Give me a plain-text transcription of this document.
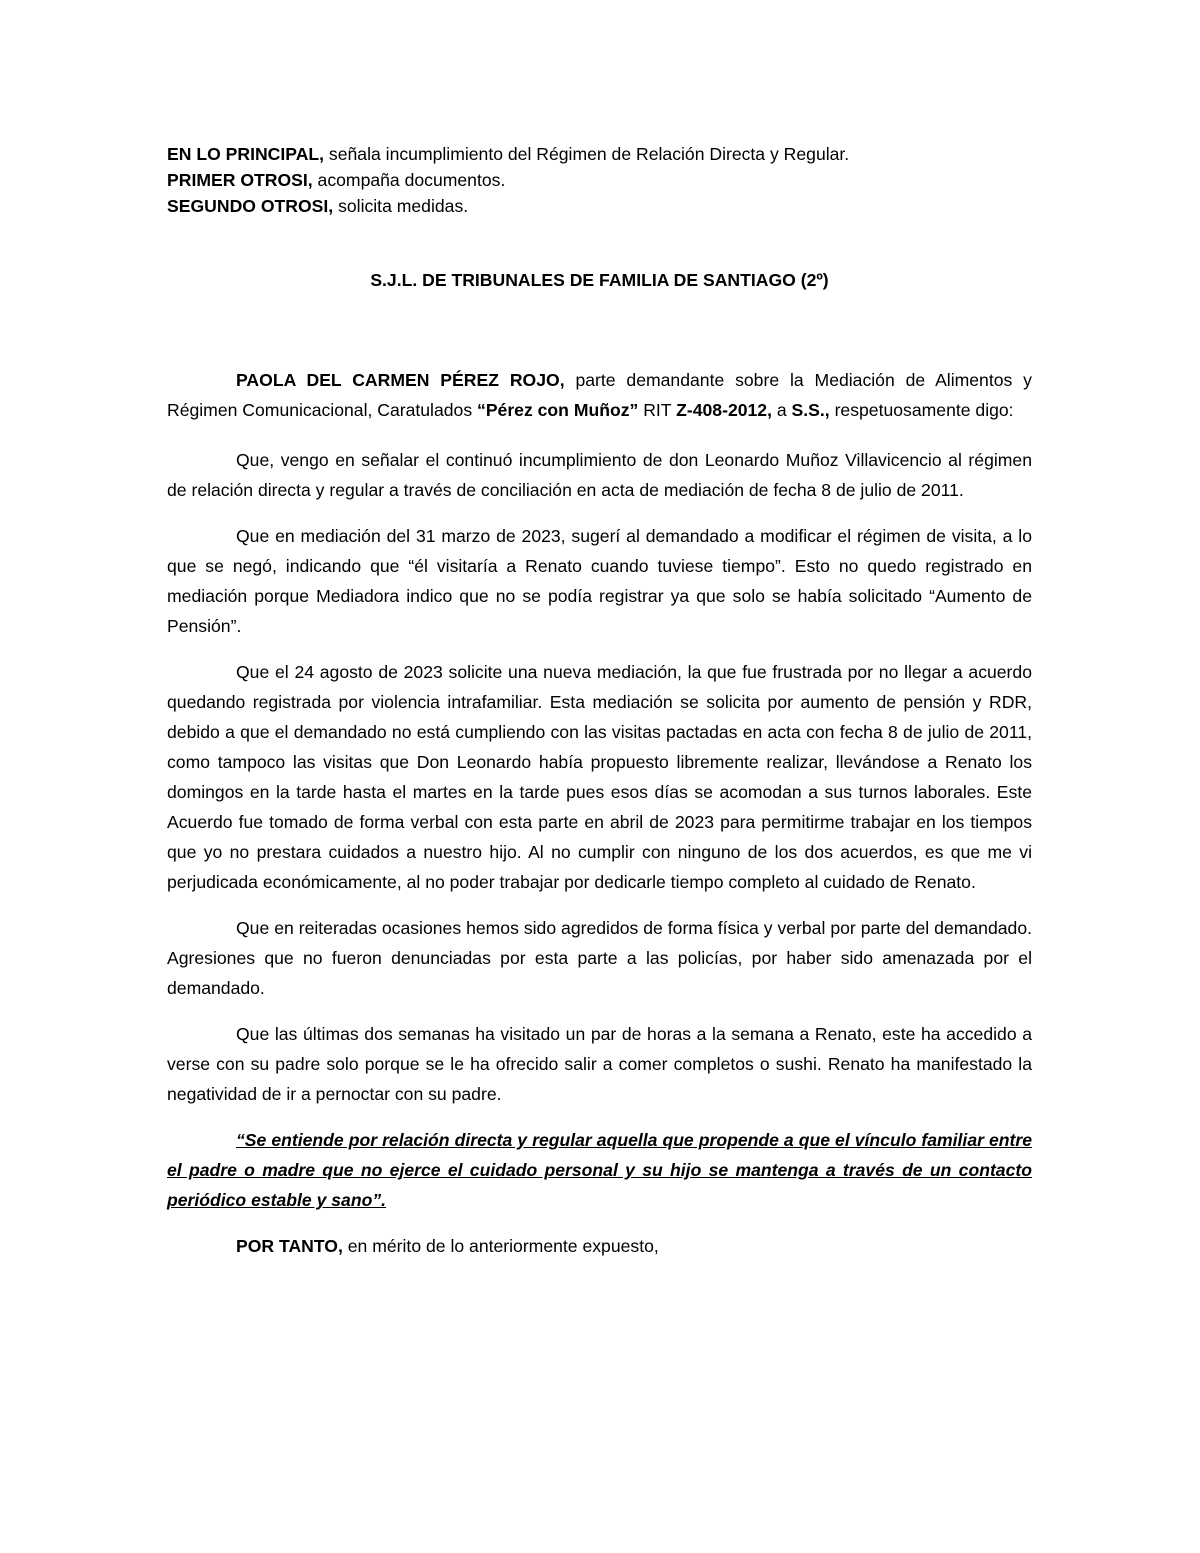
EN LO PRINCIPAL, señala incumplimiento del Régimen de Relación Directa y Regular.

PRIMER OTROSI, acompaña documentos.

SEGUNDO OTROSI, solicita medidas.

S.J.L. DE TRIBUNALES DE FAMILIA DE SANTIAGO (2º)

PAOLA DEL CARMEN PÉREZ ROJO, parte demandante sobre la Mediación de Alimentos y Régimen Comunicacional, Caratulados “Pérez con Muñoz” RIT Z-408-2012, a S.S., respetuosamente digo:

Que, vengo en señalar el continuó incumplimiento de don Leonardo Muñoz Villavicencio al régimen de relación directa y regular a través de conciliación en acta de mediación de fecha 8 de julio de 2011.

Que en mediación del 31 marzo de 2023, sugerí al demandado a modificar el régimen de visita, a lo que se negó, indicando que “él visitaría a Renato cuando tuviese tiempo”. Esto no quedo registrado en mediación porque Mediadora indico que no se podía registrar ya que solo se había solicitado “Aumento de Pensión”.

Que el 24 agosto de 2023 solicite una nueva mediación, la que fue frustrada por no llegar a acuerdo quedando registrada por violencia intrafamiliar. Esta mediación se solicita por aumento de pensión y RDR, debido a que el demandado no está cumpliendo con las visitas pactadas en acta con fecha 8 de julio de 2011, como tampoco las visitas que Don Leonardo había propuesto libremente realizar, llevándose a Renato los domingos en la tarde hasta el martes en la tarde pues esos días se acomodan a sus turnos laborales. Este Acuerdo fue tomado de forma verbal con esta parte en abril de 2023 para permitirme trabajar en los tiempos que yo no prestara cuidados a nuestro hijo. Al no cumplir con ninguno de los dos acuerdos, es que me vi perjudicada económicamente, al no poder trabajar por dedicarle tiempo completo al cuidado de Renato.

Que en reiteradas ocasiones hemos sido agredidos de forma física y verbal por parte del demandado. Agresiones que no fueron denunciadas por esta parte a las policías, por haber sido amenazada por el demandado.

Que las últimas dos semanas ha visitado un par de horas a la semana a Renato, este ha accedido a verse con su padre solo porque se le ha ofrecido salir a comer completos o sushi. Renato ha manifestado la negatividad de ir a pernoctar con su padre.

“Se entiende por relación directa y regular aquella que propende a que el vínculo familiar entre el padre o madre que no ejerce el cuidado personal y su hijo se mantenga a través de un contacto periódico estable y sano”.

POR TANTO, en mérito de lo anteriormente expuesto,
